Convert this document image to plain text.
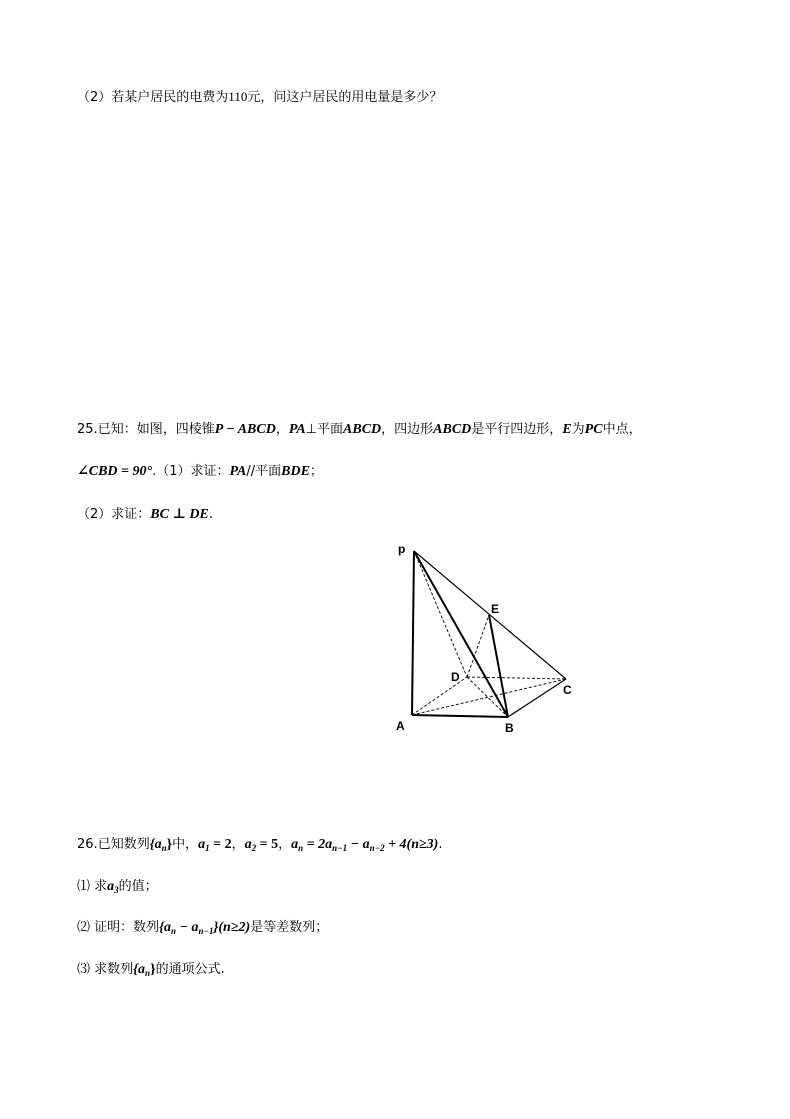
（2）若某户居民的电费为110元，问这户居民的用电量是多少？
25.已知：如图，四棱锥P − ABCD，PA⊥平面ABCD，四边形ABCD是平行四边形，E为PC中点，
∠CBD = 90°.（1）求证：PA//平面BDE；
（2）求证：BC ⊥ DE.
p
E
D
C
A	B
26.已知数列$\{a_n\}$中，$a_1 = 2$，$a_2 = 5$，$a_n = 2a_{n-1} - a_{n-2} + 4(n\ge 3)$.
⑴ 求$a_3$的值；
⑵ 证明：数列$\{a_n - a_{n-1}\}(n\ge 2)$是等差数列；
⑶ 求数列$\{a_n\}$的通项公式.
